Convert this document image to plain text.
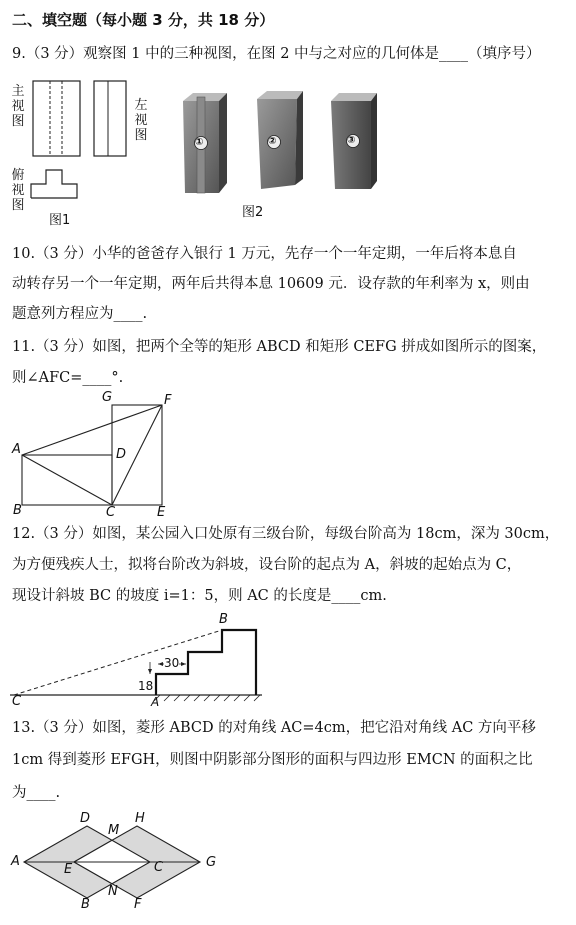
二、填空题（每小题 3 分，共 18 分）
9.（3 分）观察图 1 中的三种视图，在图 2 中与之对应的几何体是____（填序号）
主视图
左视图
俯视图
图1
①	②	③
图2
10.（3 分）小华的爸爸存入银行 1 万元，先存一个一年定期，一年后将本息自
动转存另一个一年定期，两年后共得本息 10609 元．设存款的年利率为 x，则由
题意列方程应为____.
11.（3 分）如图，把两个全等的矩形 ABCD 和矩形 CEFG 拼成如图所示的图案，
则∠AFC=____°.
G	F
A	D
B	C	E
12.（3 分）如图，某公园入口处原有三级台阶，每级台阶高为 18cm，深为 30cm，
为方便残疾人士，拟将台阶改为斜坡，设台阶的起点为 A，斜坡的起始点为 C，
现设计斜坡 BC 的坡度 i=1：5，则 AC 的长度是____cm.
30
18
B
C	A
13.（3 分）如图，菱形 ABCD 的对角线 AC=4cm，把它沿对角线 AC 方向平移
1cm 得到菱形 EFGH，则图中阴影部分图形的面积与四边形 EMCN 的面积之比
为____.
D
M
H
A
E	C	G
N
B	F
